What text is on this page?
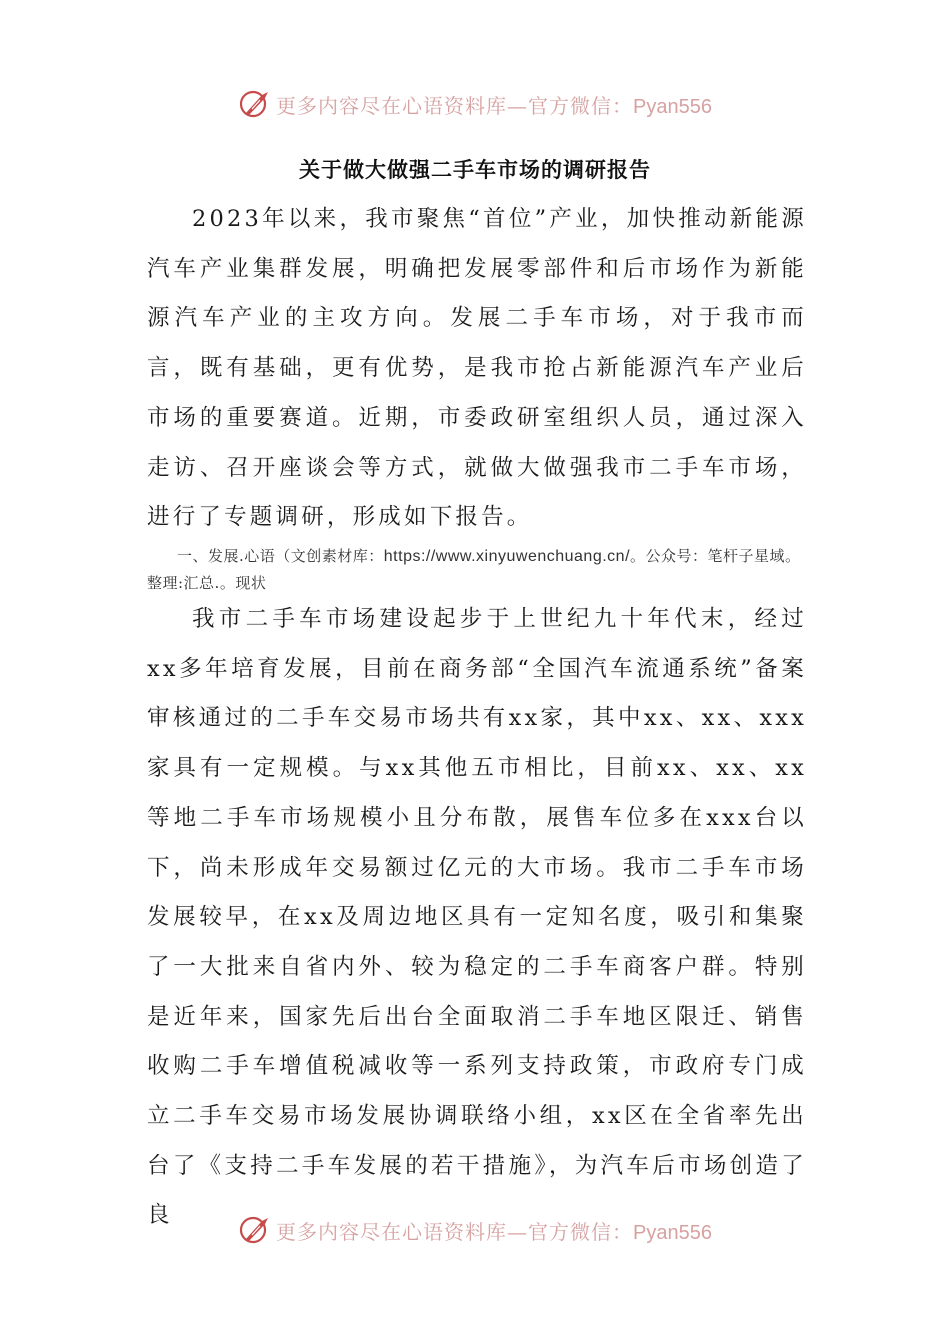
更多内容尽在心语资料库—官方微信：Pyan556
关于做大做强二手车市场的调研报告

2023年以来，我市聚焦“首位”产业，加快推动新能源汽车产业集群发展，明确把发展零部件和后市场作为新能源汽车产业的主攻方向。发展二手车市场，对于我市而言，既有基础，更有优势，是我市抢占新能源汽车产业后市场的重要赛道。近期，市委政研室组织人员，通过深入走访、召开座谈会等方式，就做大做强我市二手车市场，进行了专题调研，形成如下报告。

一、发展.心语（文创素材库：https://www.xinyuwenchuang.cn/。公众号：笔杆子星域。整理:汇总.。现状

我市二手车市场建设起步于上世纪九十年代末，经过xx多年培育发展，目前在商务部“全国汽车流通系统”备案审核通过的二手车交易市场共有xx家，其中xx、xx、xxx家具有一定规模。与xx其他五市相比，目前xx、xx、xx等地二手车市场规模小且分布散，展售车位多在xxx台以下，尚未形成年交易额过亿元的大市场。我市二手车市场发展较早，在xx及周边地区具有一定知名度，吸引和集聚了一大批来自省内外、较为稳定的二手车商客户群。特别是近年来，国家先后出台全面取消二手车地区限迁、销售收购二手车增值税减收等一系列支持政策，市政府专门成立二手车交易市场发展协调联络小组，xx区在全省率先出台了《支持二手车发展的若干措施》，为汽车后市场创造了良

更多内容尽在心语资料库—官方微信：Pyan556
